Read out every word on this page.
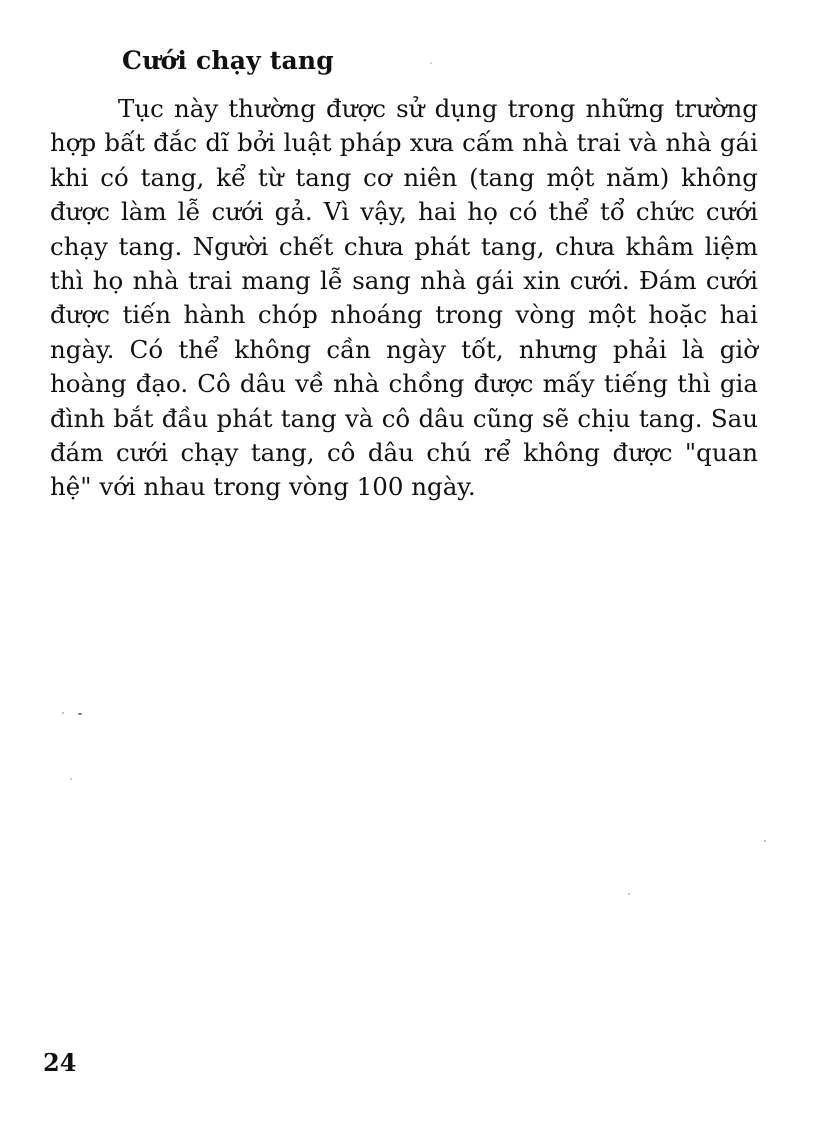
Cưới chạy tang

Tục này thường được sử dụng trong những trường hợp bất đắc dĩ bởi luật pháp xưa cấm nhà trai và nhà gái khi có tang, kể từ tang cơ niên (tang một năm) không được làm lễ cưới gả. Vì vậy, hai họ có thể tổ chức cưới chạy tang. Người chết chưa phát tang, chưa khâm liệm thì họ nhà trai mang lễ sang nhà gái xin cưới. Đám cưới được tiến hành chóp nhoáng trong vòng một hoặc hai ngày. Có thể không cần ngày tốt, nhưng phải là giờ hoàng đạo. Cô dâu về nhà chồng được mấy tiếng thì gia đình bắt đầu phát tang và cô dâu cũng sẽ chịu tang. Sau đám cưới chạy tang, cô dâu chú rể không được "quan hệ" với nhau trong vòng 100 ngày.

24
